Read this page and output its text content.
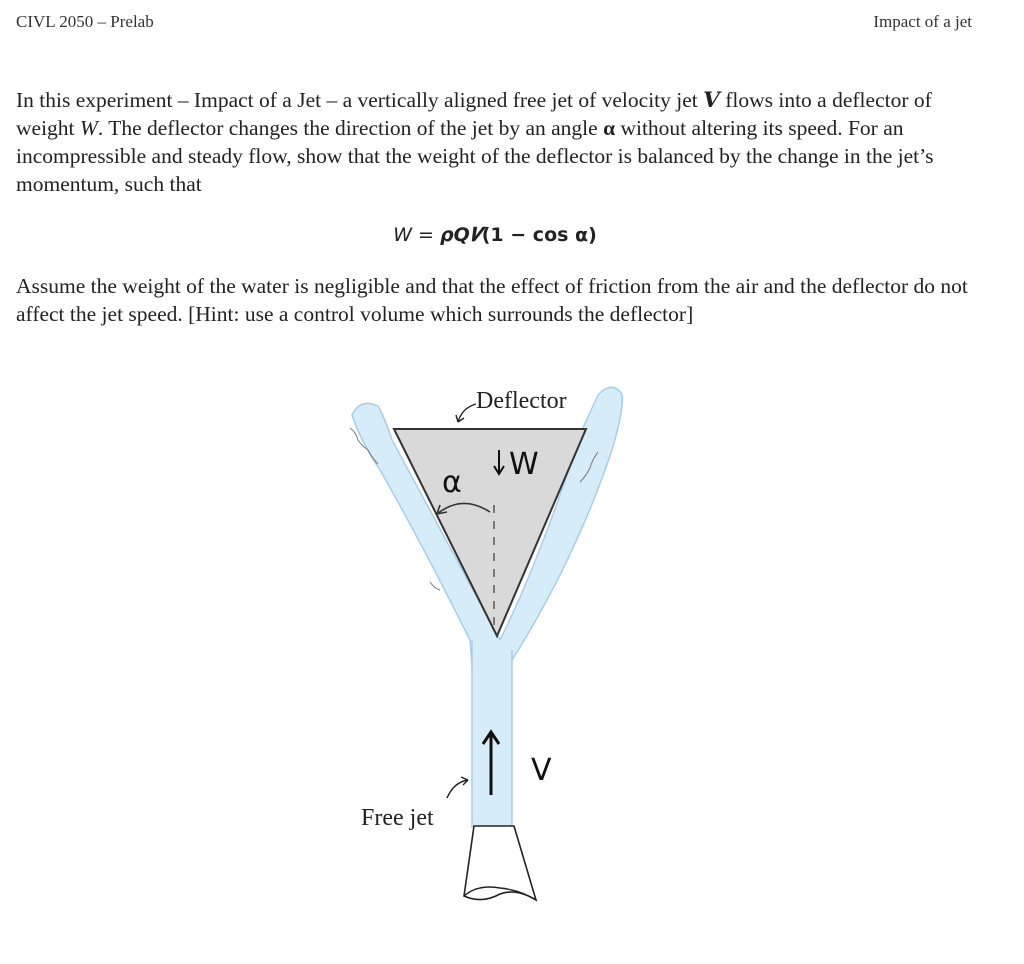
CIVL 2050 – Prelab	Impact of a jet
In this experiment – Impact of a Jet – a vertically aligned free jet of velocity jet 𝑽 flows into a deflector of weight W. The deflector changes the direction of the jet by an angle α without altering its speed. For an incompressible and steady flow, show that the weight of the deflector is balanced by the change in the jet’s momentum, such that
W = ρQ𝑽(1 − cos α)
Assume the weight of the water is negligible and that the effect of friction from the air and the deflector do not affect the jet speed. [Hint: use a control volume which surrounds the deflector]
α
W
Deflector
V
Free jet
